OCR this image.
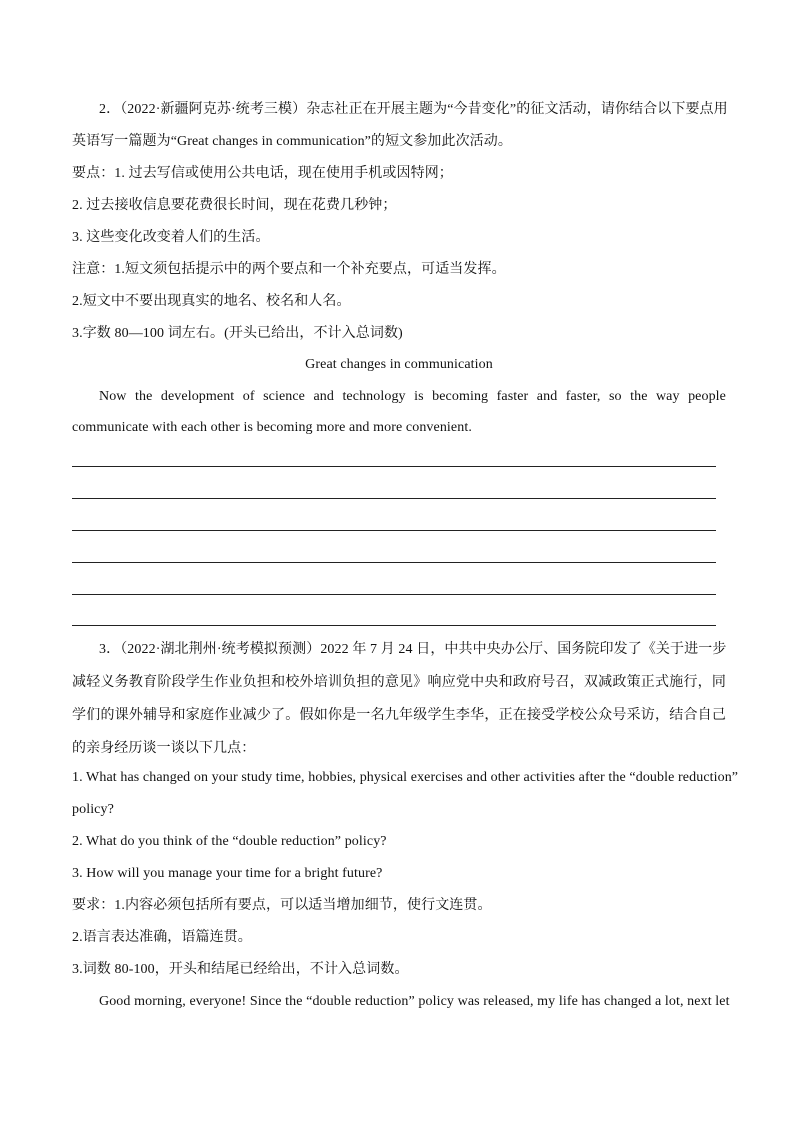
2．（2022·新疆阿克苏·统考三模）杂志社正在开展主题为“今昔变化”的征文活动，请你结合以下要点用
英语写一篇题为“Great changes in communication”的短文参加此次活动。
要点：1. 过去写信或使用公共电话，现在使用手机或因特网；
2. 过去接收信息要花费很长时间，现在花费几秒钟；
3. 这些变化改变着人们的生活。
注意：1.短文须包括提示中的两个要点和一个补充要点，可适当发挥。
2.短文中不要出现真实的地名、校名和人名。
3.字数 80—100 词左右。(开头已给出，不计入总词数)
Great changes in communication
Now the development of science and technology is becoming faster and faster, so the way people
communicate with each other is becoming more and more convenient.
3．（2022·湖北荆州·统考模拟预测）2022 年 7 月 24 日，中共中央办公厅、国务院印发了《关于进一步
减轻义务教育阶段学生作业负担和校外培训负担的意见》响应党中央和政府号召，双减政策正式施行，同
学们的课外辅导和家庭作业减少了。假如你是一名九年级学生李华，正在接受学校公众号采访，结合自己
的亲身经历谈一谈以下几点：
1. What has changed on your study time, hobbies, physical exercises and other activities after the “double reduction”
policy?
2. What do you think of the “double reduction” policy?
3. How will you manage your time for a bright future?
要求：1.内容必须包括所有要点，可以适当增加细节，使行文连贯。
2.语言表达准确，语篇连贯。
3.词数 80-100，开头和结尾已经给出，不计入总词数。
Good morning, everyone! Since the “double reduction” policy was released, my life has changed a lot, next let
